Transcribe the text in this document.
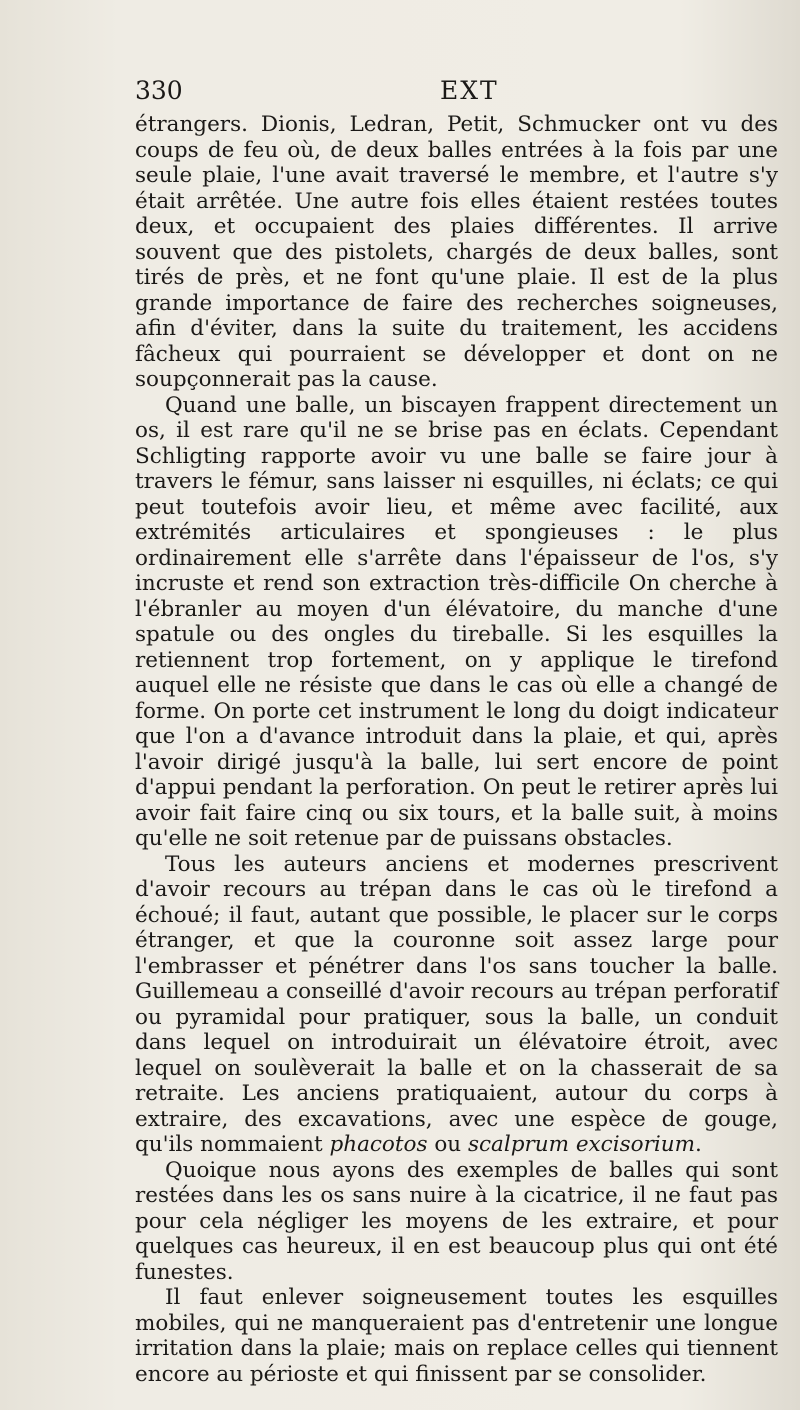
330	EXT

étrangers. Dionis, Ledran, Petit, Schmucker ont vu des coups de feu où, de deux balles entrées à la fois par une seule plaie, l'une avait traversé le membre, et l'autre s'y était arrêtée. Une autre fois elles étaient restées toutes deux, et occupaient des plaies différentes. Il arrive souvent que des pistolets, chargés de deux balles, sont tirés de près, et ne font qu'une plaie. Il est de la plus grande importance de faire des recherches soigneuses, afin d'éviter, dans la suite du traitement, les accidens fâcheux qui pourraient se développer et dont on ne soupçonnerait pas la cause.

Quand une balle, un biscayen frappent directement un os, il est rare qu'il ne se brise pas en éclats. Cependant Schligting rapporte avoir vu une balle se faire jour à travers le fémur, sans laisser ni esquilles, ni éclats; ce qui peut toutefois avoir lieu, et même avec facilité, aux extrémités articulaires et spongieuses : le plus ordinairement elle s'arrête dans l'épaisseur de l'os, s'y incruste et rend son extraction très-difficile On cherche à l'ébranler au moyen d'un élévatoire, du manche d'une spatule ou des ongles du tireballe. Si les esquilles la retiennent trop fortement, on y applique le tirefond auquel elle ne résiste que dans le cas où elle a changé de forme. On porte cet instrument le long du doigt indicateur que l'on a d'avance introduit dans la plaie, et qui, après l'avoir dirigé jusqu'à la balle, lui sert encore de point d'appui pendant la perforation. On peut le retirer après lui avoir fait faire cinq ou six tours, et la balle suit, à moins qu'elle ne soit retenue par de puissans obstacles.

Tous les auteurs anciens et modernes prescrivent d'avoir recours au trépan dans le cas où le tirefond a échoué; il faut, autant que possible, le placer sur le corps étranger, et que la couronne soit assez large pour l'embrasser et pénétrer dans l'os sans toucher la balle. Guillemeau a conseillé d'avoir recours au trépan perforatif ou pyramidal pour pratiquer, sous la balle, un conduit dans lequel on introduirait un élévatoire étroit, avec lequel on soulèverait la balle et on la chasserait de sa retraite. Les anciens pratiquaient, autour du corps à extraire, des excavations, avec une espèce de gouge, qu'ils nommaient phacotos ou scalprum excisorium.

Quoique nous ayons des exemples de balles qui sont restées dans les os sans nuire à la cicatrice, il ne faut pas pour cela négliger les moyens de les extraire, et pour quelques cas heureux, il en est beaucoup plus qui ont été funestes.

Il faut enlever soigneusement toutes les esquilles mobiles, qui ne manqueraient pas d'entretenir une longue irritation dans la plaie; mais on replace celles qui tiennent encore au périoste et qui finissent par se consolider.
